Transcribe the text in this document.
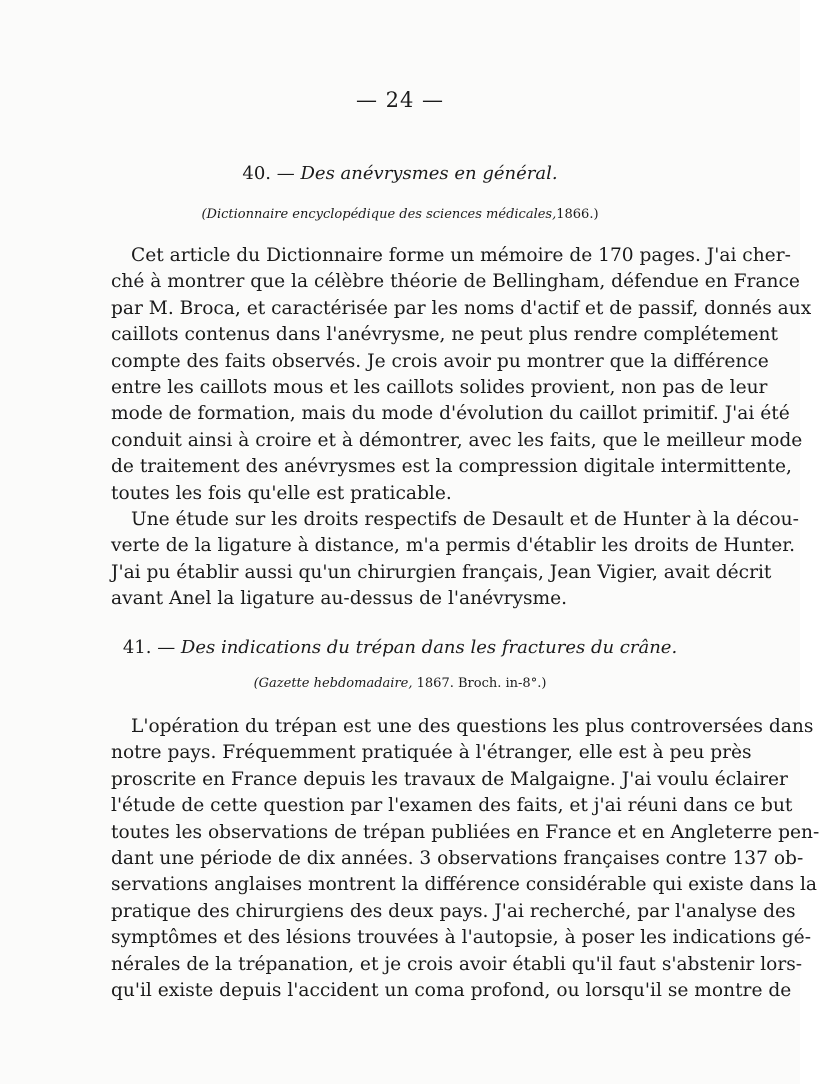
— 24 —
40. — Des anévrysmes en général.
(Dictionnaire encyclopédique des sciences médicales,1866.)
Cet article du Dictionnaire forme un mémoire de 170 pages. J'ai cher-
ché à montrer que la célèbre théorie de Bellingham, défendue en France
par M. Broca, et caractérisée par les noms d'actif et de passif, donnés aux
caillots contenus dans l'anévrysme, ne peut plus rendre complétement
compte des faits observés. Je crois avoir pu montrer que la différence
entre les caillots mous et les caillots solides provient, non pas de leur
mode de formation, mais du mode d'évolution du caillot primitif. J'ai été
conduit ainsi à croire et à démontrer, avec les faits, que le meilleur mode
de traitement des anévrysmes est la compression digitale intermittente,
toutes les fois qu'elle est praticable.
Une étude sur les droits respectifs de Desault et de Hunter à la décou-
verte de la ligature à distance, m'a permis d'établir les droits de Hunter.
J'ai pu établir aussi qu'un chirurgien français, Jean Vigier, avait décrit
avant Anel la ligature au-dessus de l'anévrysme.
41. — Des indications du trépan dans les fractures du crâne.
(Gazette hebdomadaire, 1867. Broch. in-8°.)
L'opération du trépan est une des questions les plus controversées dans
notre pays. Fréquemment pratiquée à l'étranger, elle est à peu près
proscrite en France depuis les travaux de Malgaigne. J'ai voulu éclairer
l'étude de cette question par l'examen des faits, et j'ai réuni dans ce but
toutes les observations de trépan publiées en France et en Angleterre pen-
dant une période de dix années. 3 observations françaises contre 137 ob-
servations anglaises montrent la différence considérable qui existe dans la
pratique des chirurgiens des deux pays. J'ai recherché, par l'analyse des
symptômes et des lésions trouvées à l'autopsie, à poser les indications gé-
nérales de la trépanation, et je crois avoir établi qu'il faut s'abstenir lors-
qu'il existe depuis l'accident un coma profond, ou lorsqu'il se montre de
